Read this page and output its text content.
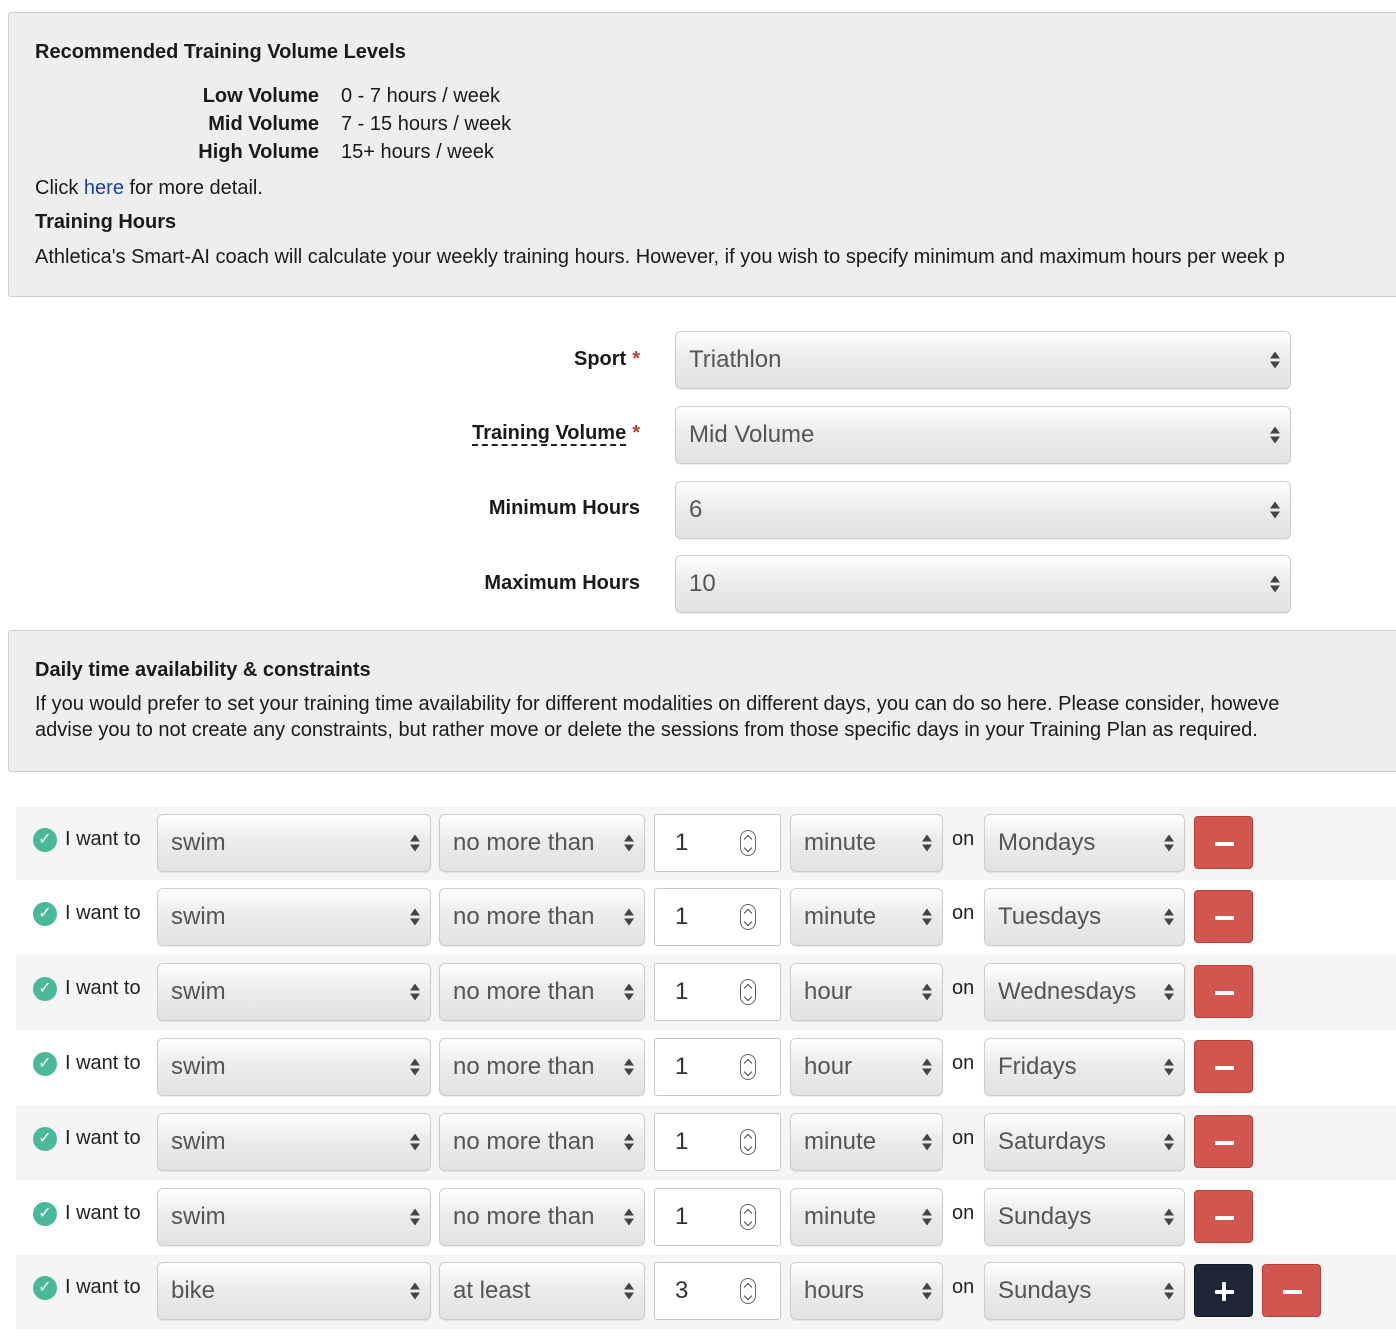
Recommended Training Volume Levels
Low Volume 0 - 7 hours / week
Mid Volume 7 - 15 hours / week
High Volume 15+ hours / week
Click here for more detail.
Training Hours
Athletica's Smart-AI coach will calculate your weekly training hours. However, if you wish to specify minimum and maximum hours per week p
Sport * Triathlon
Training Volume * Mid Volume
Minimum Hours 6
Maximum Hours 10
Daily time availability & constraints
If you would prefer to set your training time availability for different modalities on different days, you can do so here. Please consider, howeve
advise you to not create any constraints, but rather move or delete the sessions from those specific days in your Training Plan as required.
✓ I want to swim	no more than	1	minute	on Mondays
✓ I want to swim	no more than	1	minute	on Tuesdays
✓ I want to swim	no more than	1	hour	on Wednesdays
✓ I want to swim	no more than	1	hour	on Fridays
✓ I want to swim	no more than	1	minute	on Saturdays
✓ I want to swim	no more than	1	minute	on Sundays
✓ I want to bike	at least	3	hours	on Sundays
